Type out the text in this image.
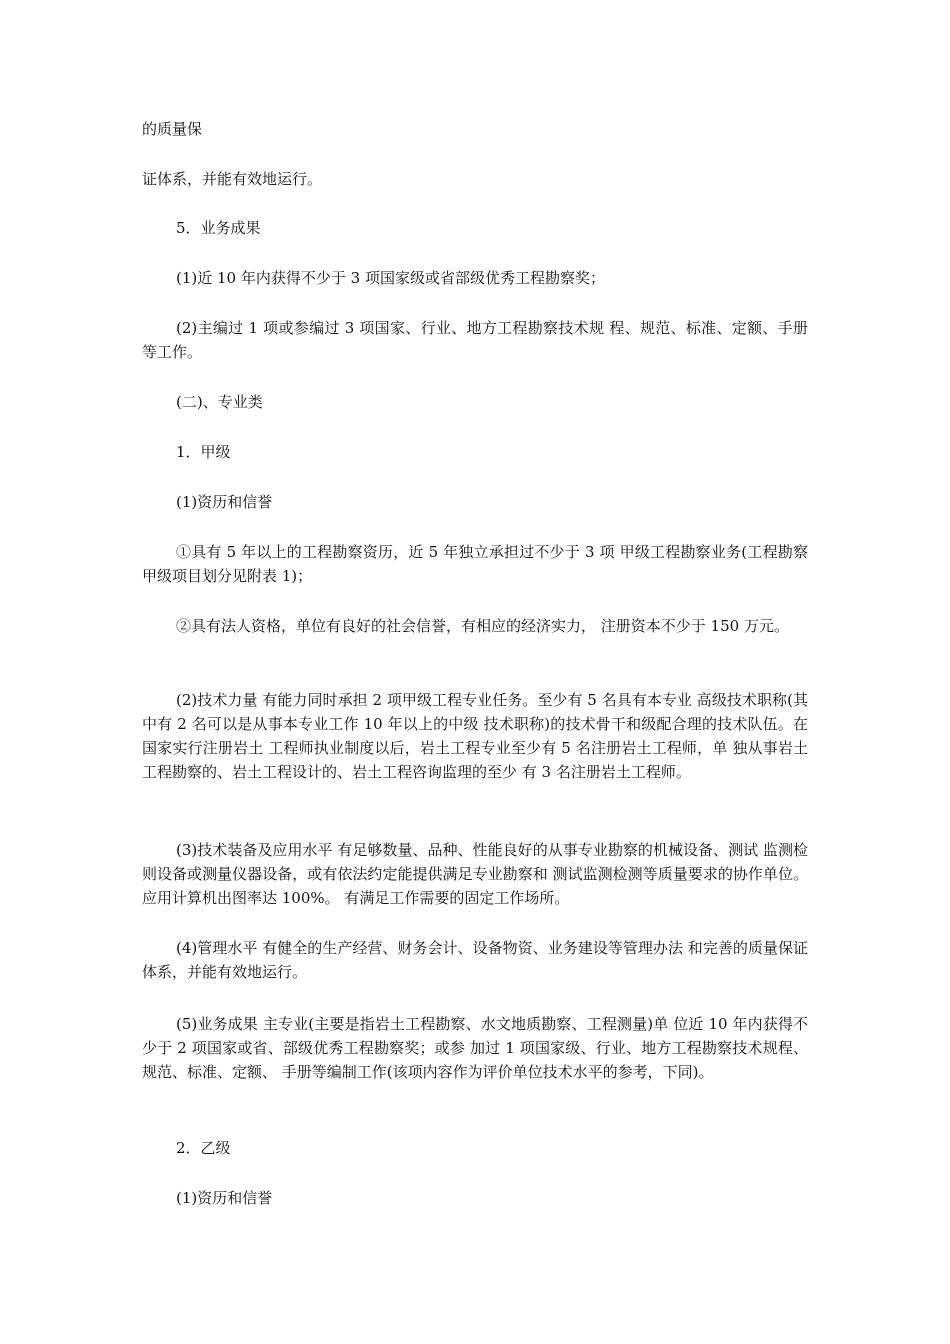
的质量保

证体系，并能有效地运行。

5．业务成果

(1)近 10 年内获得不少于 3 项国家级或省部级优秀工程勘察奖；

(2)主编过 1 项或参编过 3 项国家、行业、地方工程勘察技术规 程、规范、标准、定额、手册等工作。

(二)、专业类

1．甲级

(1)资历和信誉

①具有 5 年以上的工程勘察资历，近 5 年独立承担过不少于 3 项 甲级工程勘察业务(工程勘察甲级项目划分见附表 1)；

②具有法人资格，单位有良好的社会信誉，有相应的经济实力， 注册资本不少于 150 万元。

(2)技术力量 有能力同时承担 2 项甲级工程专业任务。至少有 5 名具有本专业 高级技术职称(其中有 2 名可以是从事本专业工作 10 年以上的中级 技术职称)的技术骨干和级配合理的技术队伍。在国家实行注册岩土 工程师执业制度以后，岩土工程专业至少有 5 名注册岩土工程师，单 独从事岩土工程勘察的、岩土工程设计的、岩土工程咨询监理的至少 有 3 名注册岩土工程师。

(3)技术装备及应用水平 有足够数量、品种、性能良好的从事专业勘察的机械设备、测试 监测检则设备或测量仪器设备，或有依法约定能提供满足专业勘察和 测试监测检测等质量要求的协作单位。应用计算机出图率达 100%。 有满足工作需要的固定工作场所。

(4)管理水平 有健全的生产经营、财务会计、设备物资、业务建设等管理办法 和完善的质量保证体系，并能有效地运行。

(5)业务成果 主专业(主要是指岩土工程勘察、水文地质勘察、工程测量)单 位近 10 年内获得不少于 2 项国家或省、部级优秀工程勘察奖；或参 加过 1 项国家级、行业、地方工程勘察技术规程、规范、标准、定额、 手册等编制工作(该项内容作为评价单位技术水平的参考，下同)。

2．乙级

(1)资历和信誉
